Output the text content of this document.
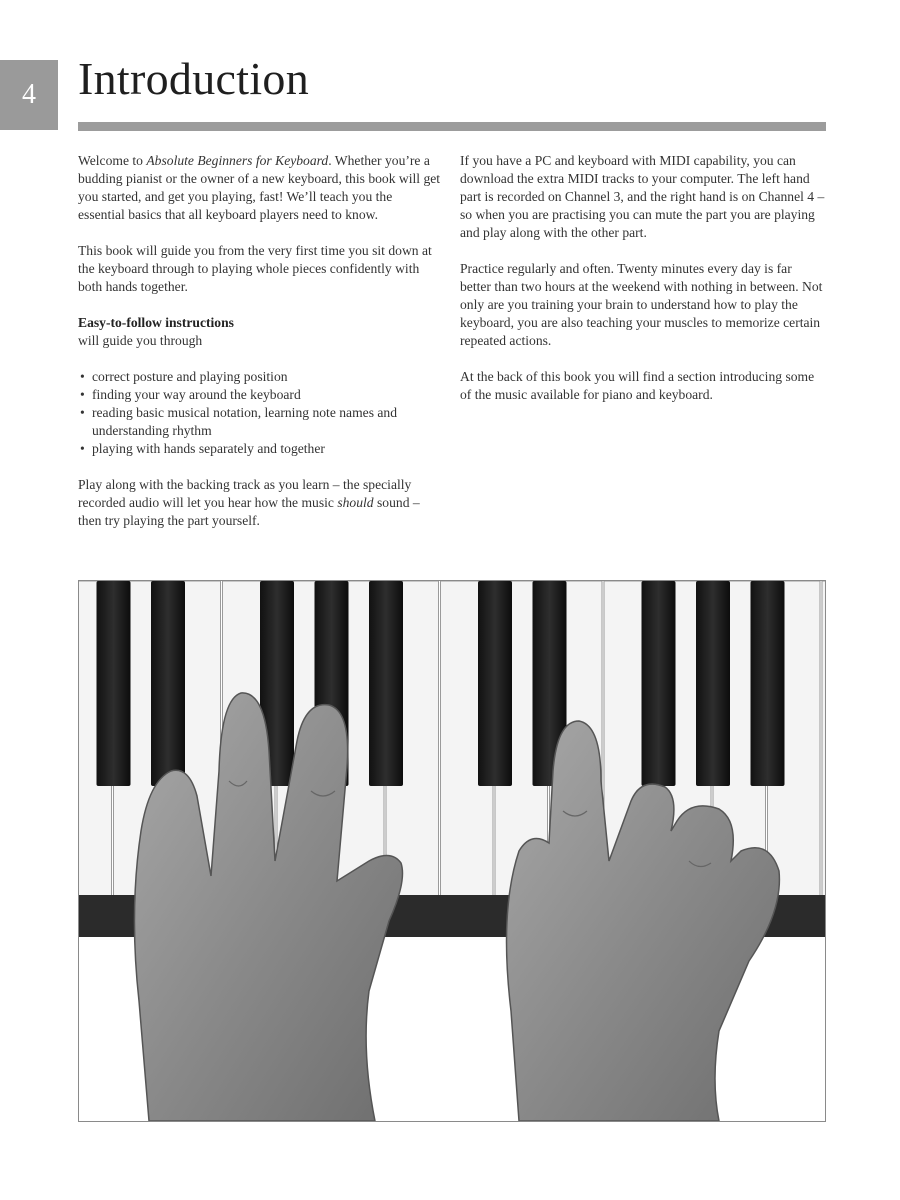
4 Introduction

Welcome to Absolute Beginners for Keyboard. Whether you’re a budding pianist or the owner of a new keyboard, this book will get you started, and get you playing, fast! We’ll teach you the essential basics that all keyboard players need to know.

This book will guide you from the very first time you sit down at the keyboard through to playing whole pieces confidently with both hands together.

Easy-to-follow instructions

will guide you through

• correct posture and playing position
• finding your way around the keyboard
• reading basic musical notation, learning note names and understanding rhythm
• playing with hands separately and together

Play along with the backing track as you learn – the specially recorded audio will let you hear how the music should sound – then try playing the part yourself.

If you have a PC and keyboard with MIDI capability, you can download the extra MIDI tracks to your computer. The left hand part is recorded on Channel 3, and the right hand is on Channel 4 – so when you are practising you can mute the part you are playing and play along with the other part.

Practice regularly and often. Twenty minutes every day is far better than two hours at the weekend with nothing in between. Not only are you training your brain to understand how to play the keyboard, you are also teaching your muscles to memorize certain repeated actions.

At the back of this book you will find a section introducing some of the music available for piano and keyboard.
